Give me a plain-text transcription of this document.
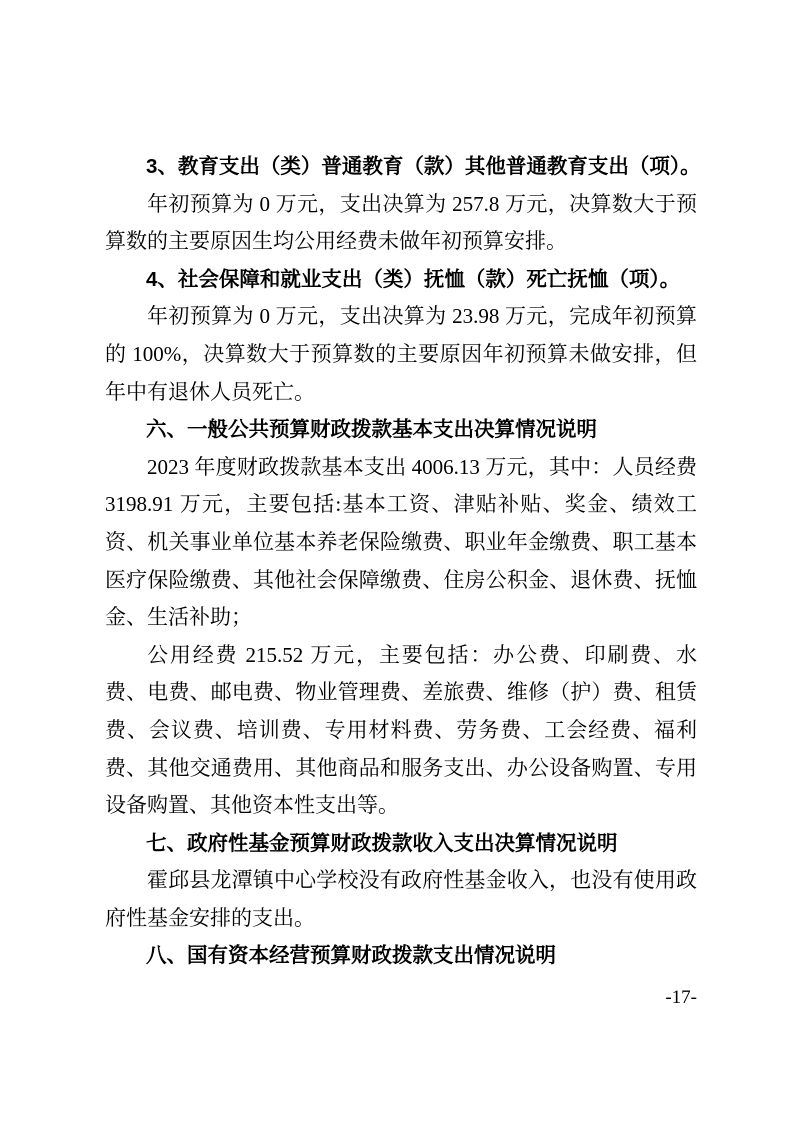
3、教育支出（类）普通教育（款）其他普通教育支出（项）。

年初预算为 0 万元，支出决算为 257.8 万元，决算数大于预算数的主要原因生均公用经费未做年初预算安排。

4、社会保障和就业支出（类）抚恤（款）死亡抚恤（项）。

年初预算为 0 万元，支出决算为 23.98 万元，完成年初预算的 100%，决算数大于预算数的主要原因年初预算未做安排，但年中有退休人员死亡。

六、一般公共预算财政拨款基本支出决算情况说明

2023 年度财政拨款基本支出 4006.13 万元，其中：人员经费 3198.91 万元，主要包括:基本工资、津贴补贴、奖金、绩效工资、机关事业单位基本养老保险缴费、职业年金缴费、职工基本医疗保险缴费、其他社会保障缴费、住房公积金、退休费、抚恤金、生活补助；

公用经费 215.52 万元，主要包括：办公费、印刷费、水费、电费、邮电费、物业管理费、差旅费、维修（护）费、租赁费、会议费、培训费、专用材料费、劳务费、工会经费、福利费、其他交通费用、其他商品和服务支出、办公设备购置、专用设备购置、其他资本性支出等。

七、政府性基金预算财政拨款收入支出决算情况说明

霍邱县龙潭镇中心学校没有政府性基金收入，也没有使用政府性基金安排的支出。

八、国有资本经营预算财政拨款支出情况说明

-17-
